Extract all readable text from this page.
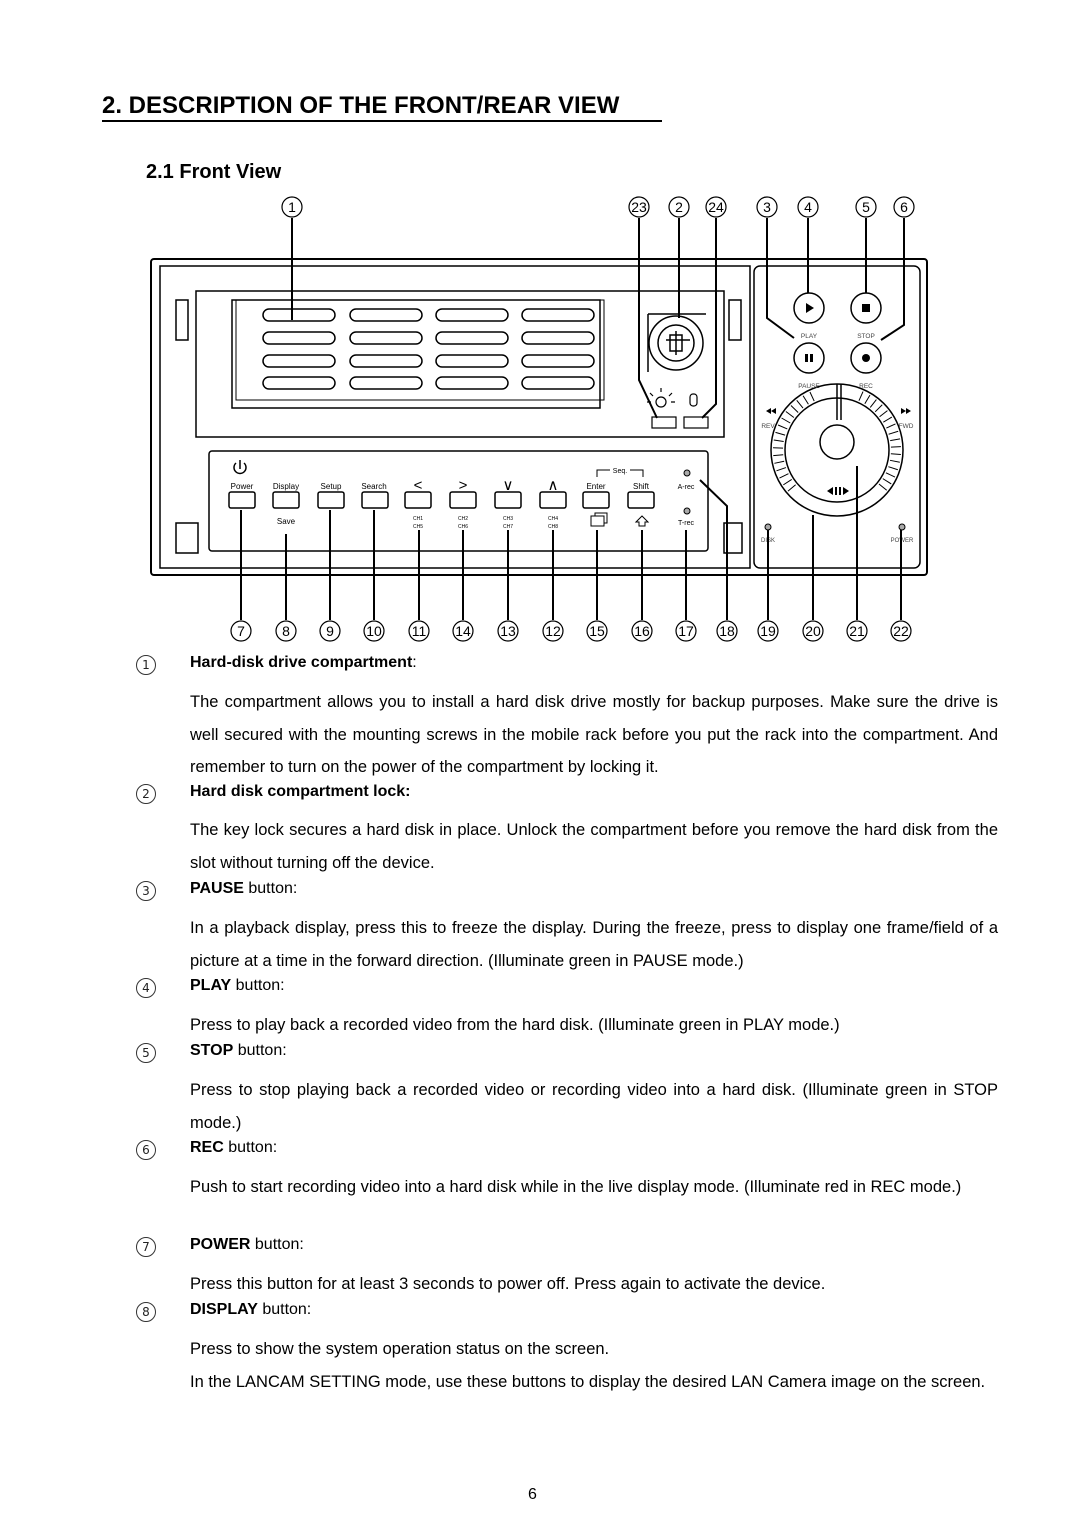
2. DESCRIPTION OF THE FRONT/REAR VIEW
2.1 Front View
Power Display	Setup Search	Enter	Shift	A-rec
T-rec
Save	CH1	CH2	CH3	CH4
CH5	CH6	CH7	CH8
< > ∨ ∧
Seq.
PLAY	STOP
PAUSE	REC
REV	FWD
DISK	POWER
1	23 2 24	3 4	5 6
7	8	9 10 11 14 13 12 15 16 17 18 19 20 21 22
1	Hard-disk drive compartment:
The compartment allows you to install a hard disk drive mostly for backup purposes. Make sure the drive is well secured with the mounting screws in the mobile rack before you put the rack into the compartment. And remember to turn on the power of the compartment by locking it.
2	Hard disk compartment lock:
The key lock secures a hard disk in place. Unlock the compartment before you remove the hard disk from the slot without turning off the device.
3	PAUSE button:
In a playback display, press this to freeze the display. During the freeze, press to display one frame/field of a picture at a time in the forward direction. (Illuminate green in PAUSE mode.)
4	PLAY button:
Press to play back a recorded video from the hard disk. (Illuminate green in PLAY mode.)
5	STOP button:
Press to stop playing back a recorded video or recording video into a hard disk. (Illuminate green in STOP mode.)
6	REC button:
Push to start recording video into a hard disk while in the live display mode. (Illuminate red in REC mode.)
7	POWER button:
Press this button for at least 3 seconds to power off. Press again to activate the device.
8	DISPLAY button:
Press to show the system operation status on the screen.
In the LANCAM SETTING mode, use these buttons to display the desired LAN Camera image on the screen.
6
